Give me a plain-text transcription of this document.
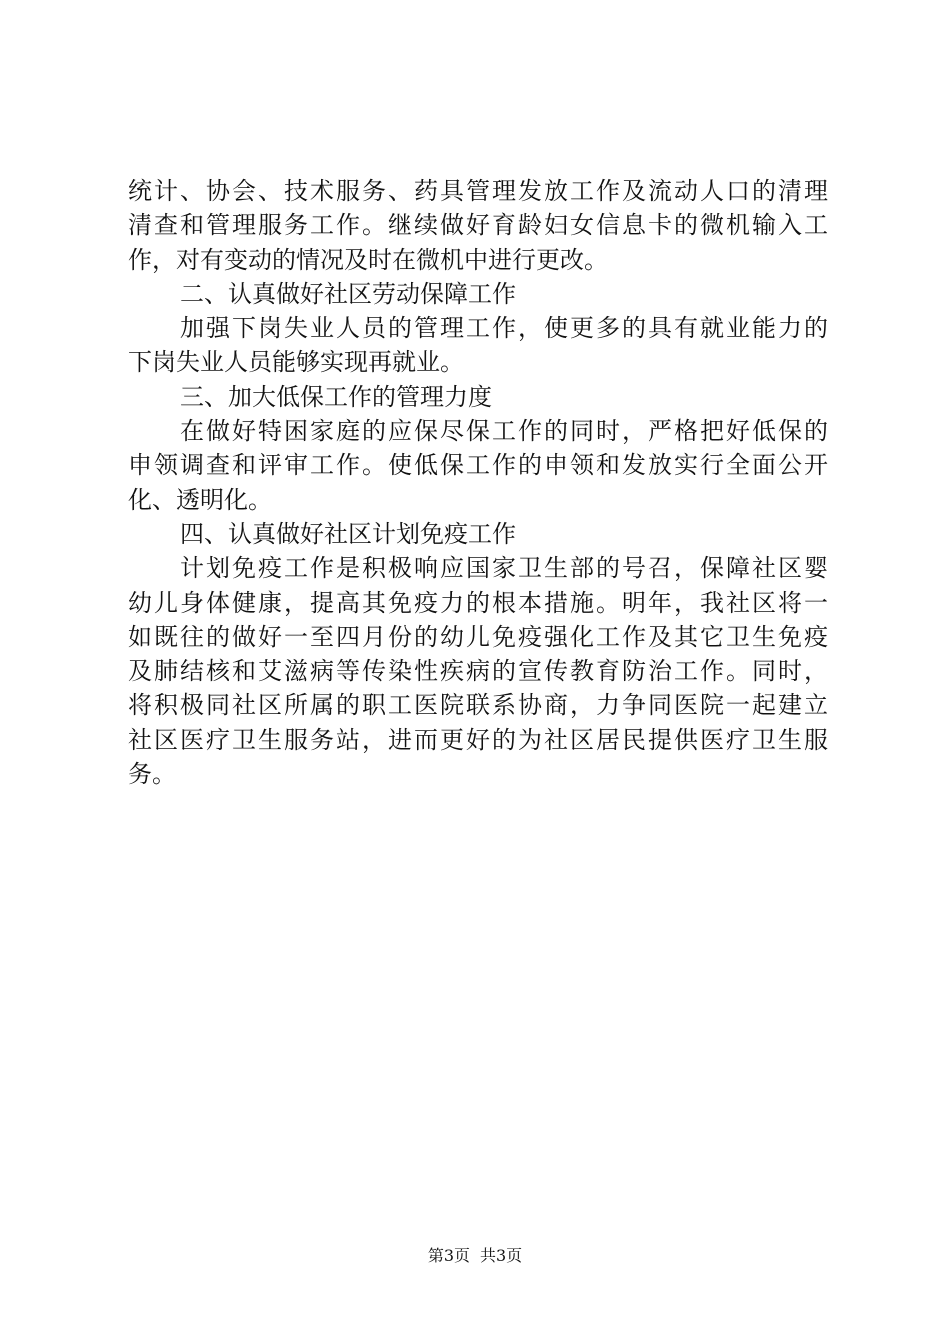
统计、协会、技术服务、药具管理发放工作及流动人口的清理
清查和管理服务工作。继续做好育龄妇女信息卡的微机输入工
作，对有变动的情况及时在微机中进行更改。
二、认真做好社区劳动保障工作
加强下岗失业人员的管理工作，使更多的具有就业能力的
下岗失业人员能够实现再就业。
三、加大低保工作的管理力度
在做好特困家庭的应保尽保工作的同时，严格把好低保的
申领调查和评审工作。使低保工作的申领和发放实行全面公开
化、透明化。
四、认真做好社区计划免疫工作
计划免疫工作是积极响应国家卫生部的号召，保障社区婴
幼儿身体健康，提高其免疫力的根本措施。明年，我社区将一
如既往的做好一至四月份的幼儿免疫强化工作及其它卫生免疫
及肺结核和艾滋病等传染性疾病的宣传教育防治工作。同时，
将积极同社区所属的职工医院联系协商，力争同医院一起建立
社区医疗卫生服务站，进而更好的为社区居民提供医疗卫生服
务。
第3页 共3页
